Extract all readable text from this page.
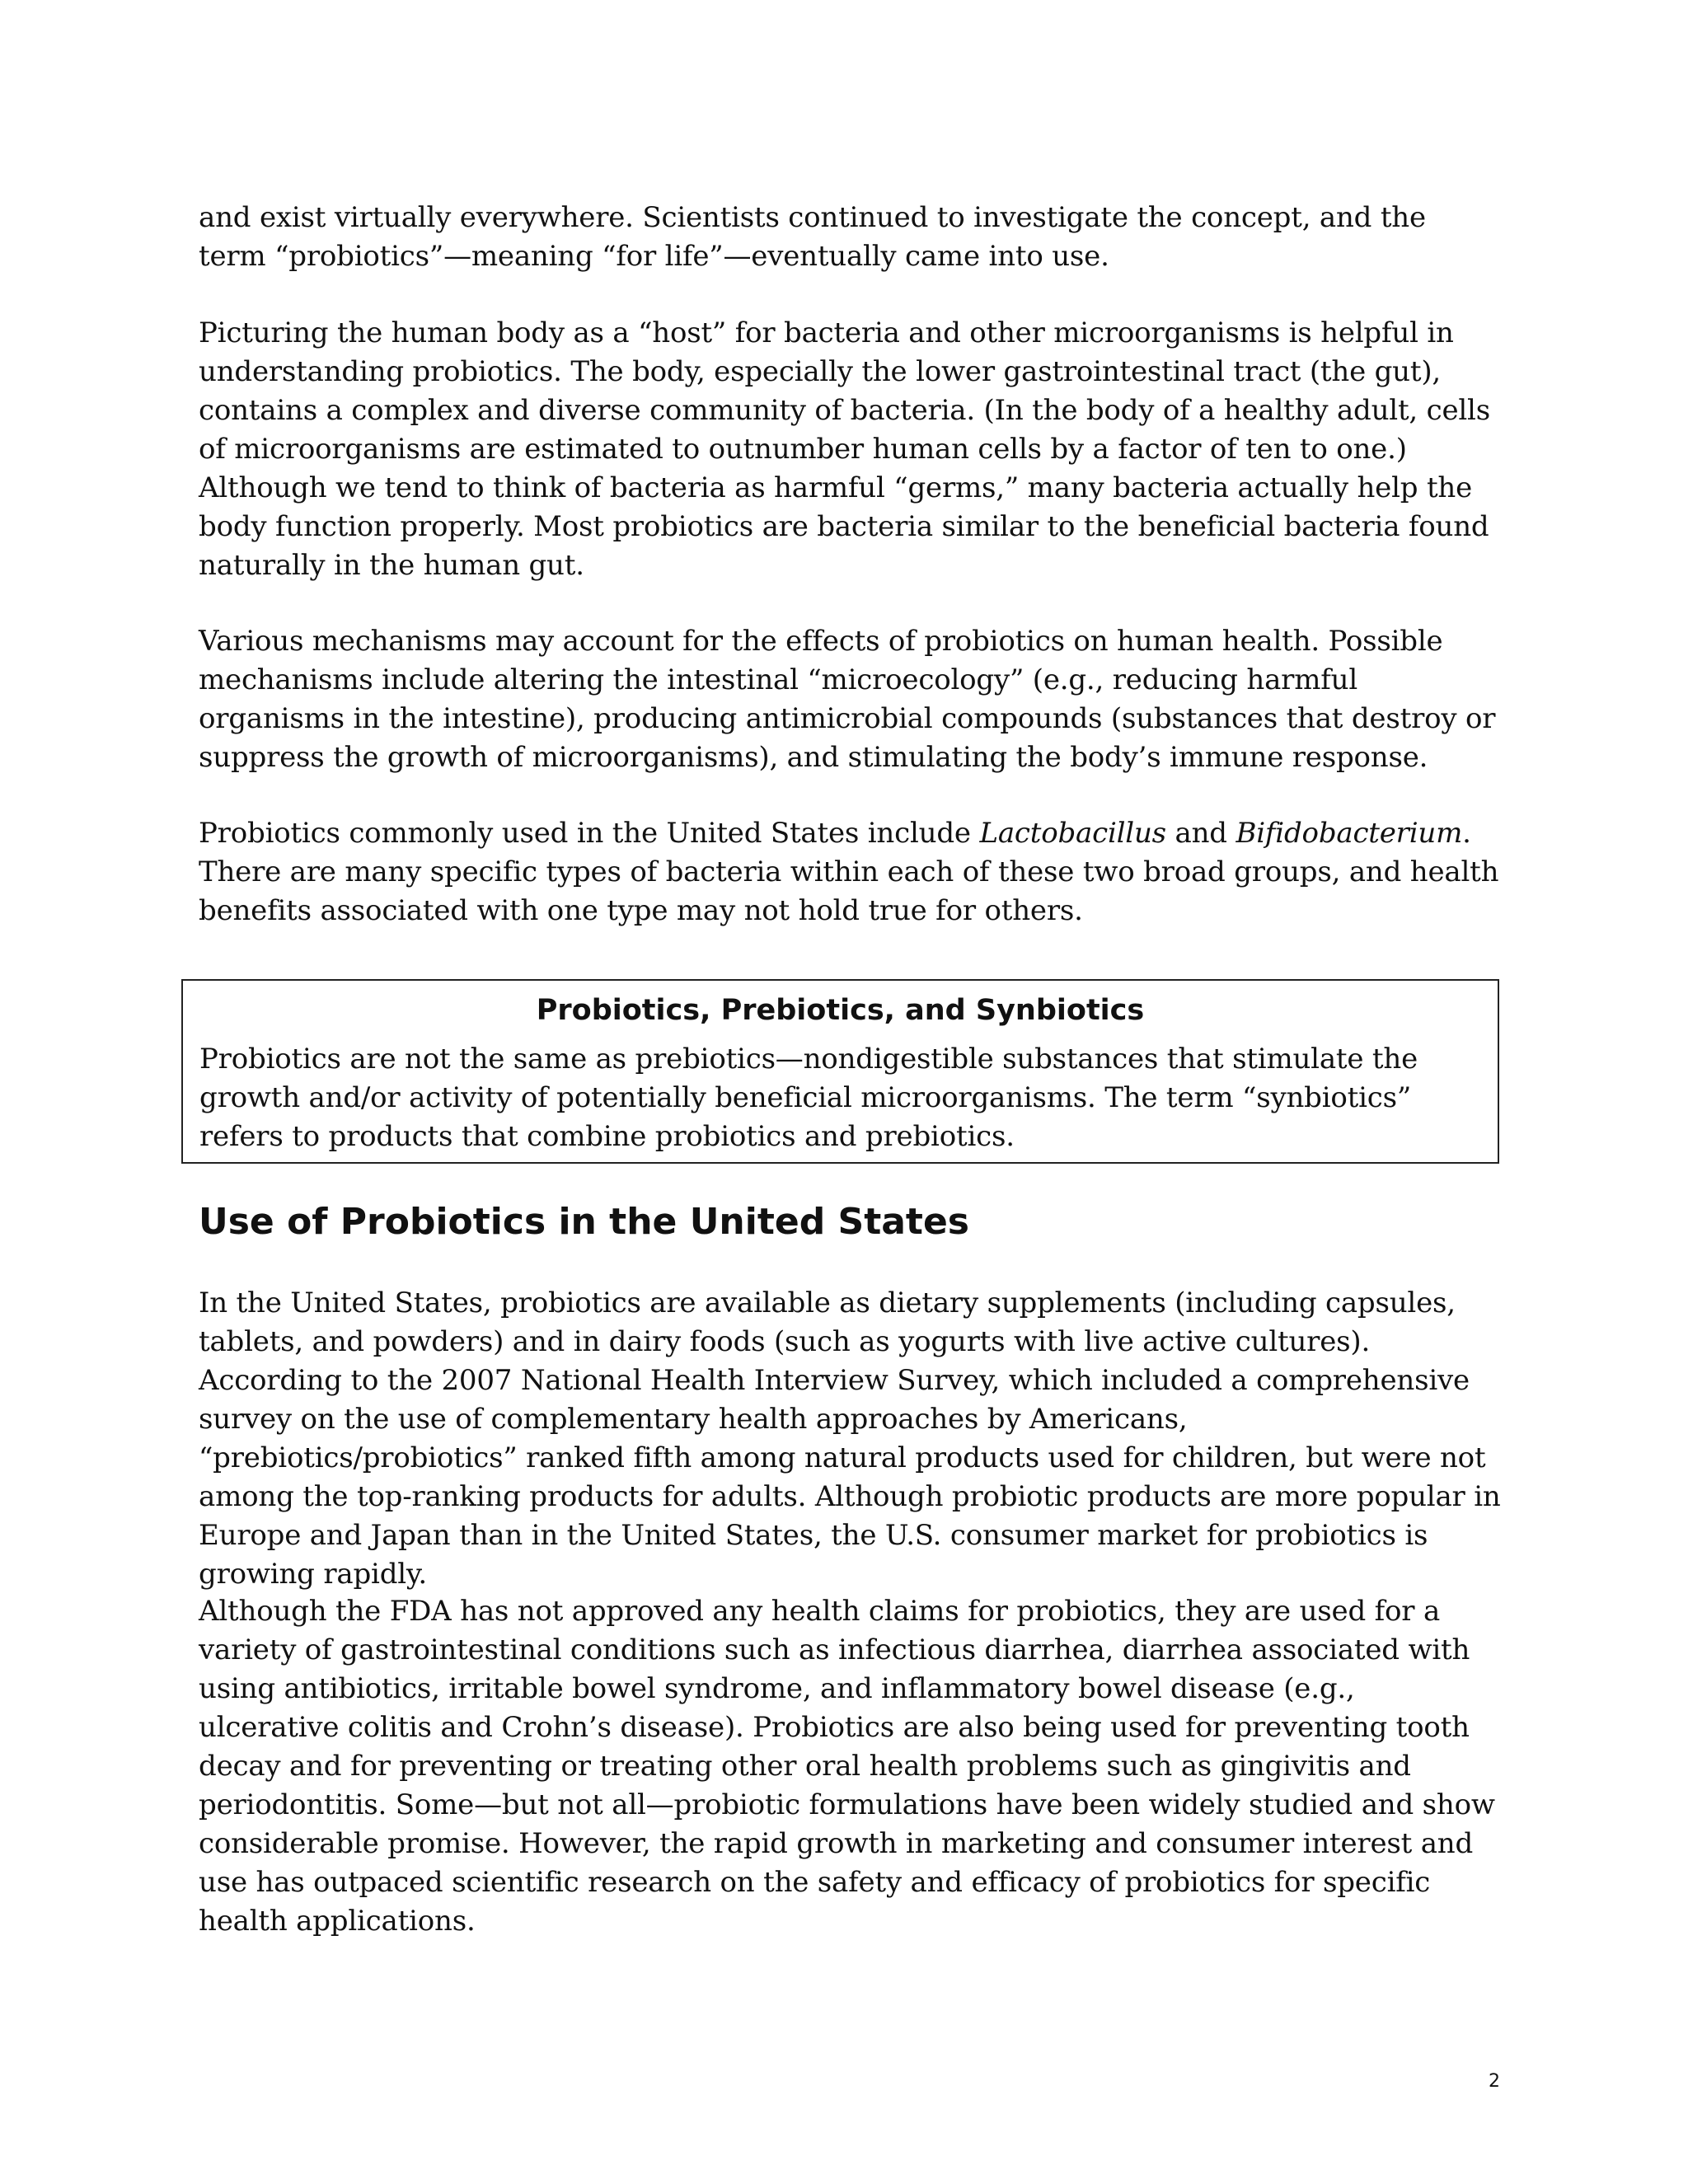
and exist virtually everywhere. Scientists continued to investigate the concept, and the term “probiotics”—meaning “for life”—eventually came into use.

Picturing the human body as a “host” for bacteria and other microorganisms is helpful in understanding probiotics. The body, especially the lower gastrointestinal tract (the gut), contains a complex and diverse community of bacteria. (In the body of a healthy adult, cells of microorganisms are estimated to outnumber human cells by a factor of ten to one.) Although we tend to think of bacteria as harmful “germs,” many bacteria actually help the body function properly. Most probiotics are bacteria similar to the beneficial bacteria found naturally in the human gut.

Various mechanisms may account for the effects of probiotics on human health. Possible mechanisms include altering the intestinal “microecology” (e.g., reducing harmful organisms in the intestine), producing antimicrobial compounds (substances that destroy or suppress the growth of microorganisms), and stimulating the body’s immune response.

Probiotics commonly used in the United States include Lactobacillus and Bifidobacterium. There are many specific types of bacteria within each of these two broad groups, and health benefits associated with one type may not hold true for others.

Probiotics, Prebiotics, and Synbiotics

Probiotics are not the same as prebiotics—nondigestible substances that stimulate the growth and/or activity of potentially beneficial microorganisms. The term “synbiotics” refers to products that combine probiotics and prebiotics.

Use of Probiotics in the United States

In the United States, probiotics are available as dietary supplements (including capsules, tablets, and powders) and in dairy foods (such as yogurts with live active cultures). According to the 2007 National Health Interview Survey, which included a comprehensive survey on the use of complementary health approaches by Americans, “prebiotics/probiotics” ranked fifth among natural products used for children, but were not among the top-ranking products for adults. Although probiotic products are more popular in Europe and Japan than in the United States, the U.S. consumer market for probiotics is growing rapidly.

Although the FDA has not approved any health claims for probiotics, they are used for a variety of gastrointestinal conditions such as infectious diarrhea, diarrhea associated with using antibiotics, irritable bowel syndrome, and inflammatory bowel disease (e.g., ulcerative colitis and Crohn’s disease). Probiotics are also being used for preventing tooth decay and for preventing or treating other oral health problems such as gingivitis and periodontitis. Some—but not all—probiotic formulations have been widely studied and show considerable promise. However, the rapid growth in marketing and consumer interest and use has outpaced scientific research on the safety and efficacy of probiotics for specific health applications.

2
